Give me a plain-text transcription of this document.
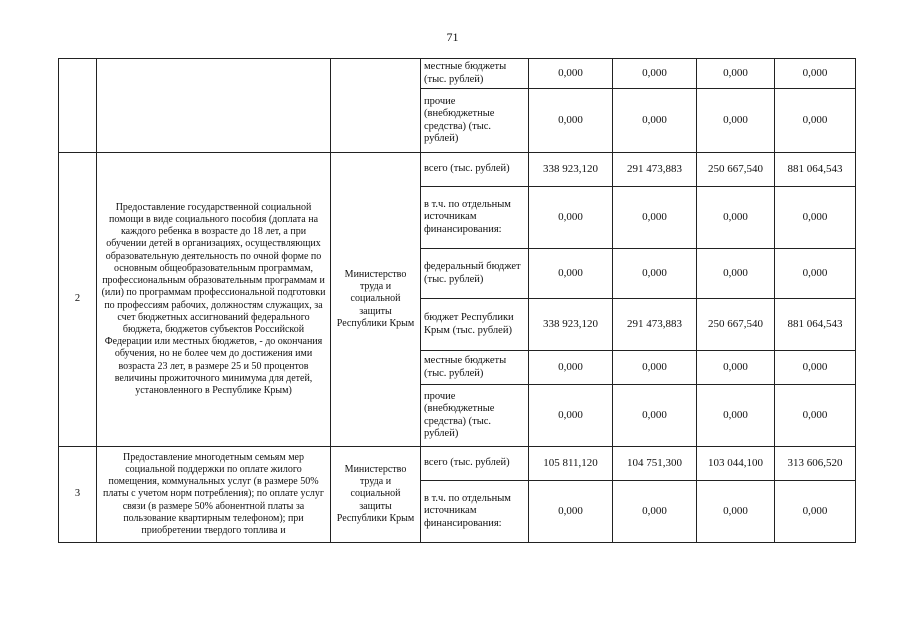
71
			местные бюджеты (тыс. рублей)	0,000	0,000	0,000	0,000
			прочие (внебюджетные средства) (тыс. рублей)	0,000	0,000	0,000	0,000
2	Предоставление государственной социальной помощи в виде социального пособия (доплата на каждого ребенка в возрасте до 18 лет, а при обучении детей в организациях, осуществляющих образовательную деятельность по очной форме по основным общеобразовательным программам, профессиональным образовательным программам и (или) по программам профессиональной подготовки по профессиям рабочих, должностям служащих, за счет бюджетных ассигнований федерального бюджета, бюджетов субъектов Российской Федерации или местных бюджетов, - до окончания обучения, но не более чем до достижения ими возраста 23 лет, в размере 25 и 50 процентов величины прожиточного минимума для детей, установленного в Республике Крым)	Министерство труда и социальной защиты Республики Крым	всего (тыс. рублей)	338 923,120	291 473,883	250 667,540	881 064,543
			в т.ч. по отдельным источникам финансирования:	0,000	0,000	0,000	0,000
			федеральный бюджет (тыс. рублей)	0,000	0,000	0,000	0,000
			бюджет Республики Крым (тыс. рублей)	338 923,120	291 473,883	250 667,540	881 064,543
			местные бюджеты (тыс. рублей)	0,000	0,000	0,000	0,000
			прочие (внебюджетные средства) (тыс. рублей)	0,000	0,000	0,000	0,000
3	Предоставление многодетным семьям мер социальной поддержки по оплате жилого помещения, коммунальных услуг (в размере 50% платы с учетом норм потребления); по оплате услуг связи (в размере 50% абонентной платы за пользование квартирным телефоном); при приобретении твердого топлива и	Министерство труда и социальной защиты Республики Крым	всего (тыс. рублей)	105 811,120	104 751,300	103 044,100	313 606,520
			в т.ч. по отдельным источникам финансирования:	0,000	0,000	0,000	0,000
